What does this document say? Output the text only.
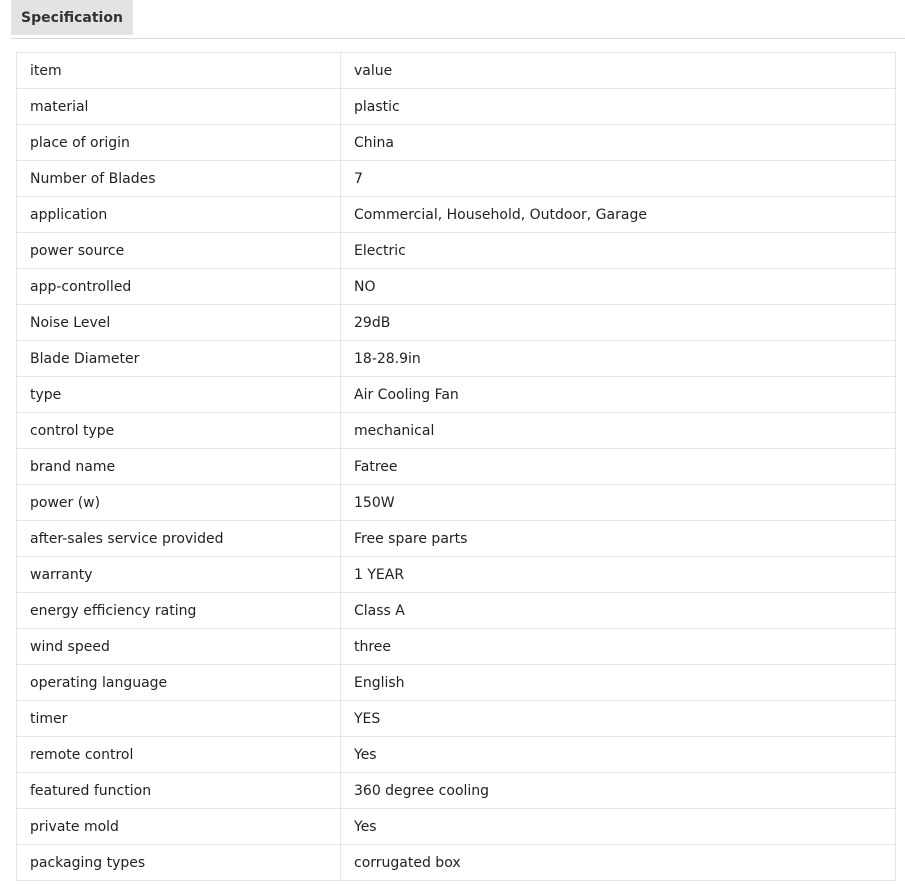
Specification
item	value
material	plastic
place of origin	China
Number of Blades	7
application	Commercial, Household, Outdoor, Garage
power source	Electric
app-controlled	NO
Noise Level	29dB
Blade Diameter	18-28.9in
type	Air Cooling Fan
control type	mechanical
brand name	Fatree
power (w)	150W
after-sales service provided	Free spare parts
warranty	1 YEAR
energy efficiency rating	Class A
wind speed	three
operating language	English
timer	YES
remote control	Yes
featured function	360 degree cooling
private mold	Yes
packaging types	corrugated box
